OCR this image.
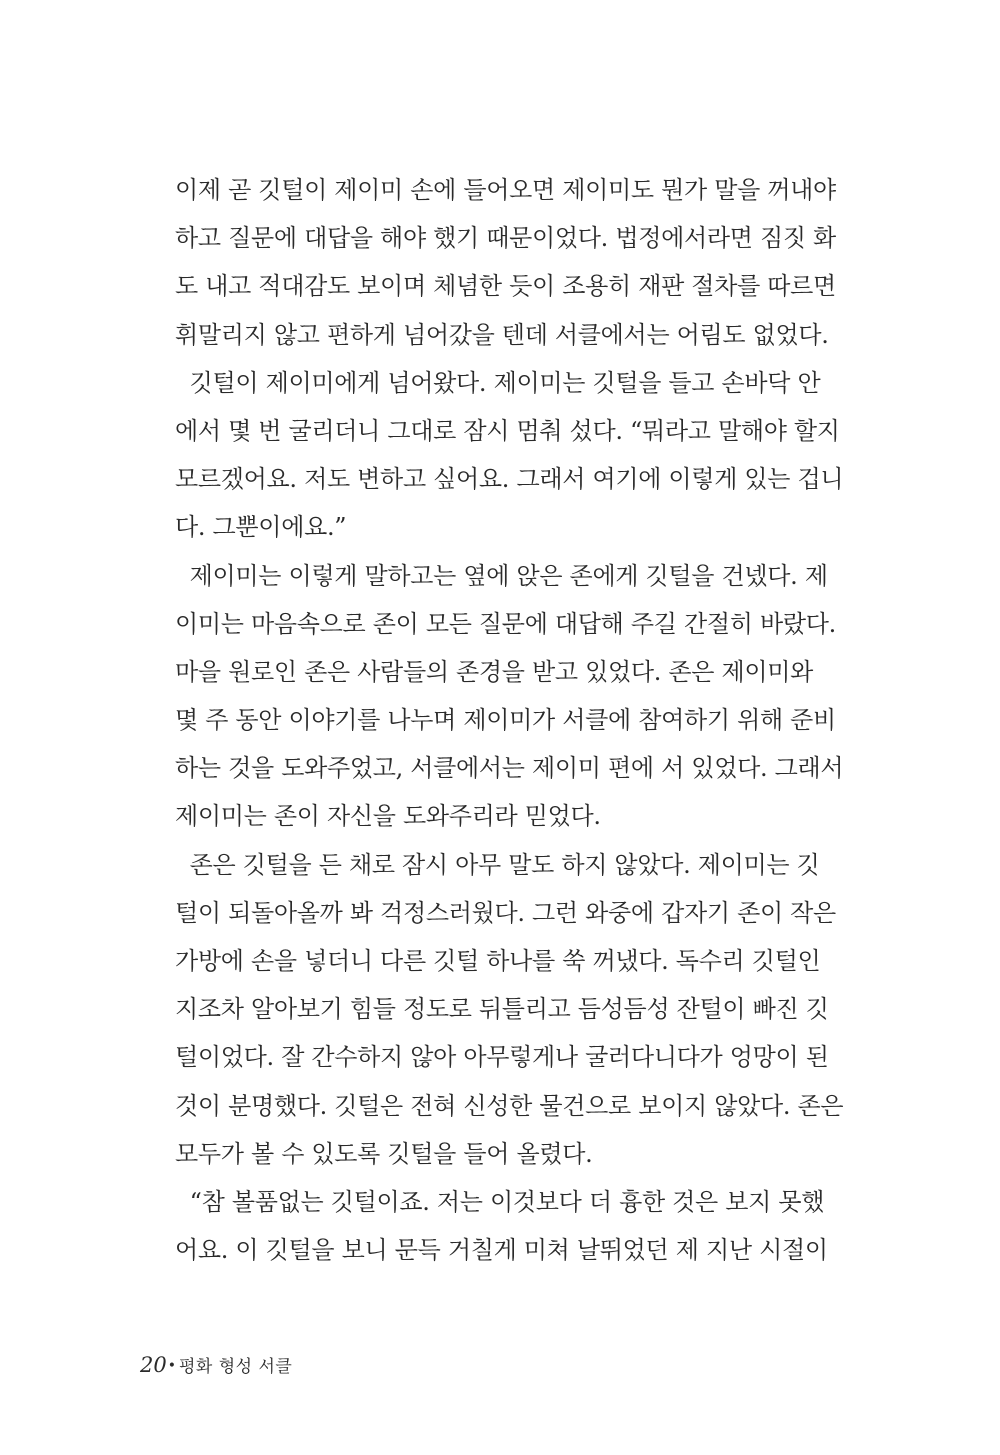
이제 곧 깃털이 제이미 손에 들어오면 제이미도 뭔가 말을 꺼내야
하고 질문에 대답을 해야 했기 때문이었다. 법정에서라면 짐짓 화
도 내고 적대감도 보이며 체념한 듯이 조용히 재판 절차를 따르면
휘말리지 않고 편하게 넘어갔을 텐데 서클에서는 어림도 없었다.
깃털이 제이미에게 넘어왔다. 제이미는 깃털을 들고 손바닥 안
에서 몇 번 굴리더니 그대로 잠시 멈춰 섰다. “뭐라고 말해야 할지
모르겠어요. 저도 변하고 싶어요. 그래서 여기에 이렇게 있는 겁니
다. 그뿐이에요.”
제이미는 이렇게 말하고는 옆에 앉은 존에게 깃털을 건넸다. 제
이미는 마음속으로 존이 모든 질문에 대답해 주길 간절히 바랐다.
마을 원로인 존은 사람들의 존경을 받고 있었다. 존은 제이미와
몇 주 동안 이야기를 나누며 제이미가 서클에 참여하기 위해 준비
하는 것을 도와주었고, 서클에서는 제이미 편에 서 있었다. 그래서
제이미는 존이 자신을 도와주리라 믿었다.
존은 깃털을 든 채로 잠시 아무 말도 하지 않았다. 제이미는 깃
털이 되돌아올까 봐 걱정스러웠다. 그런 와중에 갑자기 존이 작은
가방에 손을 넣더니 다른 깃털 하나를 쑥 꺼냈다. 독수리 깃털인
지조차 알아보기 힘들 정도로 뒤틀리고 듬성듬성 잔털이 빠진 깃
털이었다. 잘 간수하지 않아 아무렇게나 굴러다니다가 엉망이 된
것이 분명했다. 깃털은 전혀 신성한 물건으로 보이지 않았다. 존은
모두가 볼 수 있도록 깃털을 들어 올렸다.
“참 볼품없는 깃털이죠. 저는 이것보다 더 흉한 것은 보지 못했
어요. 이 깃털을 보니 문득 거칠게 미쳐 날뛰었던 제 지난 시절이
20• 평화 형성 서클
